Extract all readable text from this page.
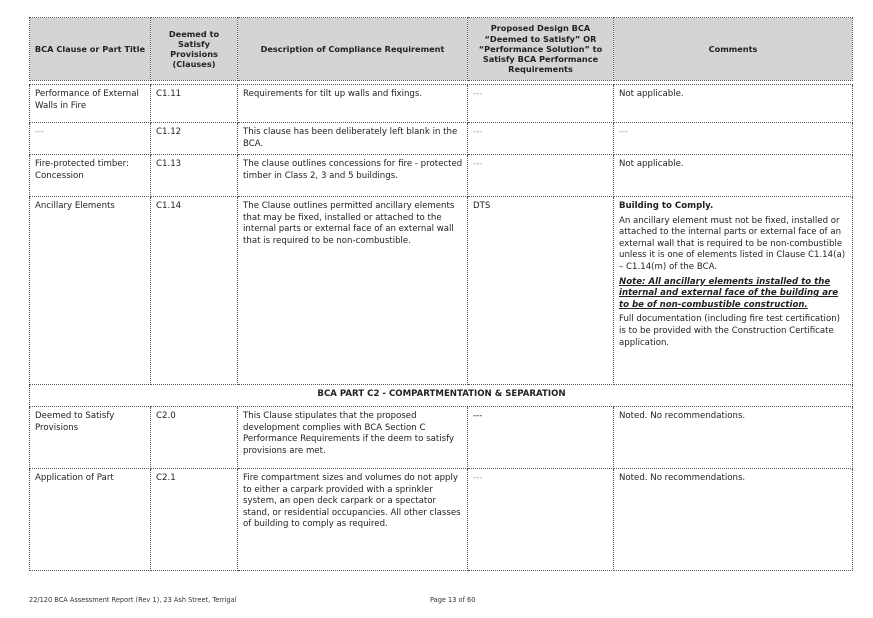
BCA Clause or Part Title	Deemed to Satisfy Provisions (Clauses)	Description of Compliance Requirement	Proposed Design BCA “Deemed to Satisfy” OR “Performance Solution” to Satisfy BCA Performance Requirements	Comments

Performance of External Walls in Fire	C1.11	Requirements for tilt up walls and fixings.	---	Not applicable.
---	C1.12	This clause has been deliberately left blank in the BCA.	---	---
Fire-protected timber: Concession	C1.13	The clause outlines concessions for fire - protected timber in Class 2, 3 and 5 buildings.	---	Not applicable.
Ancillary Elements	C1.14	The Clause outlines permitted ancillary elements that may be fixed, installed or attached to the internal parts or external face of an external wall that is required to be non-combustible.	DTS	Building to Comply.
An ancillary element must not be fixed, installed or attached to the internal parts or external face of an external wall that is required to be non-combustible unless it is one of elements listed in Clause C1.14(a) – C1.14(m) of the BCA.
Note: All ancillary elements installed to the internal and external face of the building are to be of non-combustible construction.
Full documentation (including fire test certification) is to be provided with the Construction Certificate application.

BCA PART C2 - COMPARTMENTATION & SEPARATION				
Deemed to Satisfy Provisions	C2.0	This Clause stipulates that the proposed development complies with BCA Section C Performance Requirements if the deem to satisfy provisions are met.	---	Noted. No recommendations.
Application of Part	C2.1	Fire compartment sizes and volumes do not apply to either a carpark provided with a sprinkler system, an open deck carpark or a spectator stand, or residential occupancies. All other classes of building to comply as required.	---	Noted. No recommendations.
22/120 BCA Assessment Report (Rev 1), 23 Ash Street, Terrigal	Page 13 of 60
